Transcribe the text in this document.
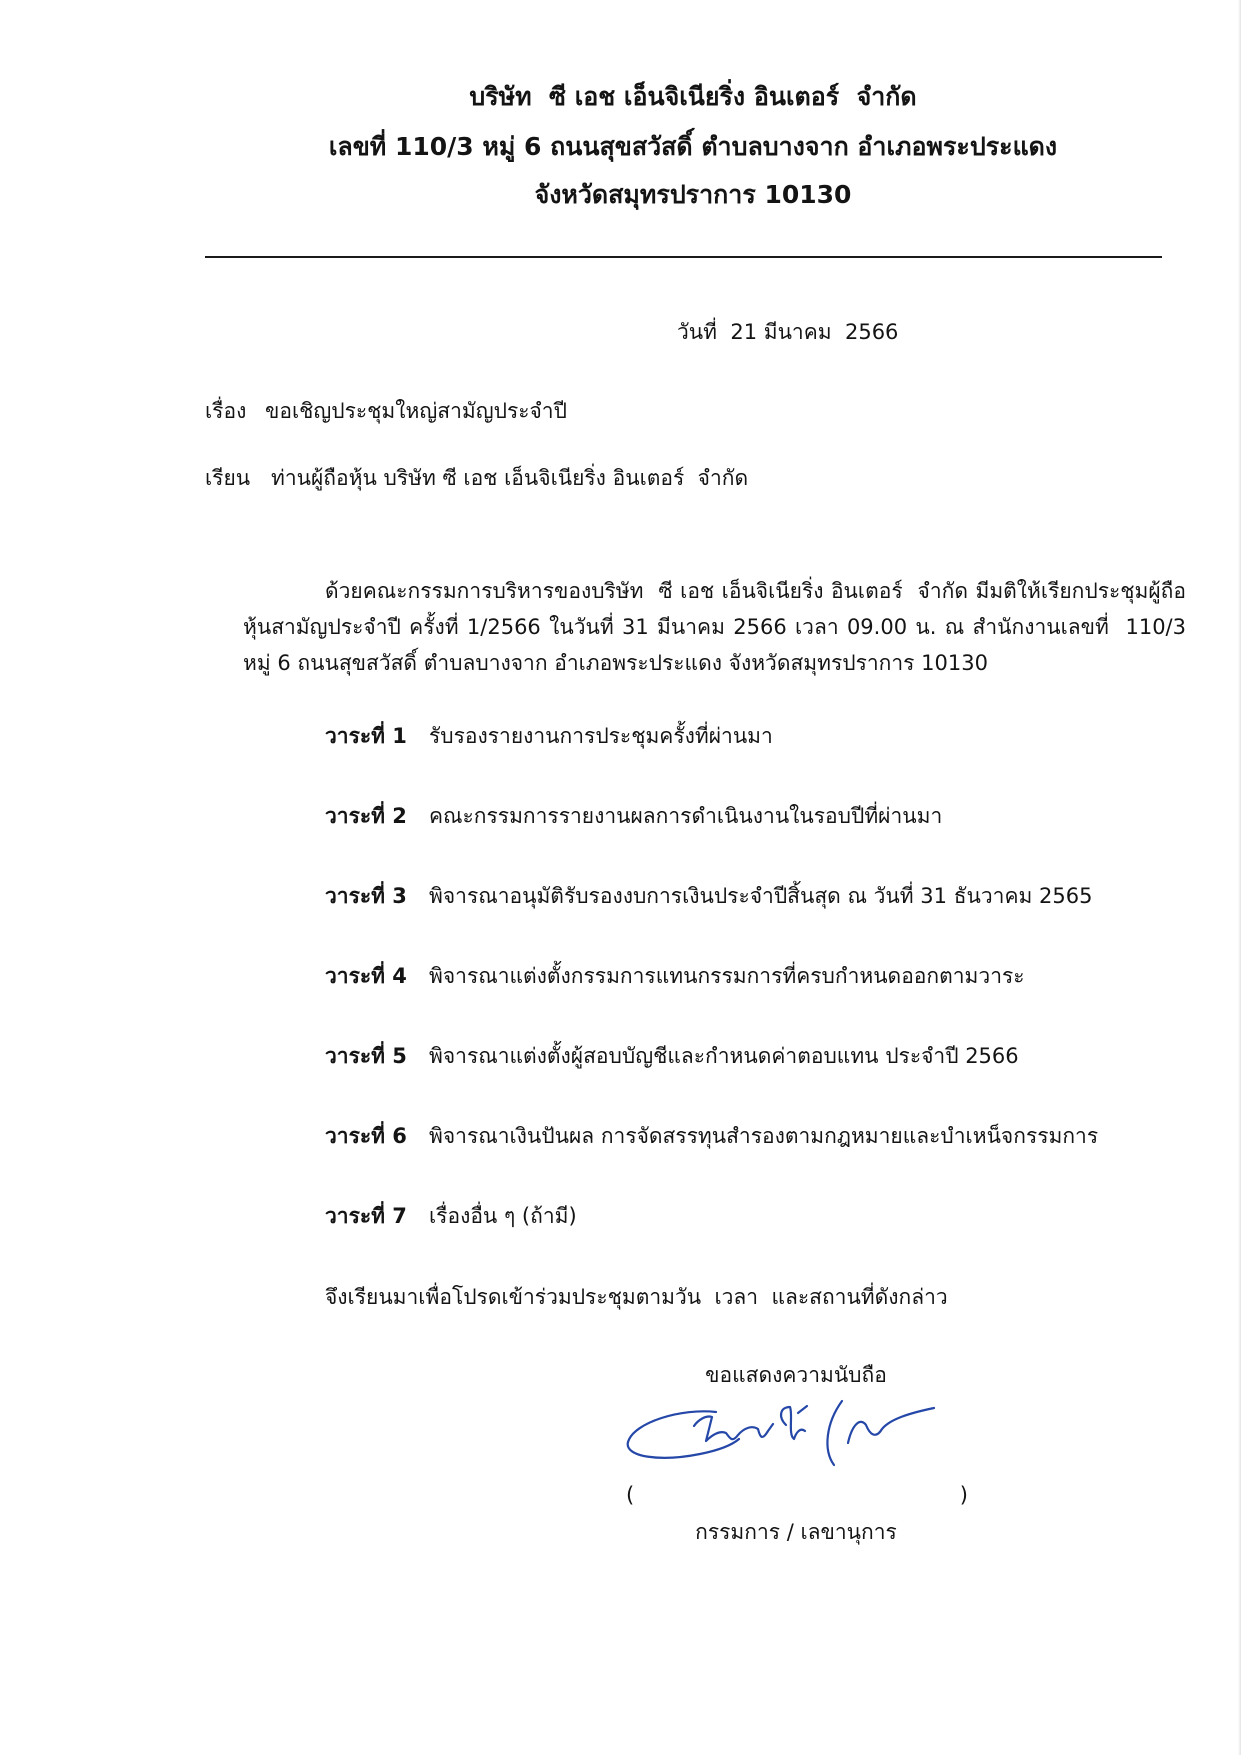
บริษัท  ซี เอช เอ็นจิเนียริ่ง อินเตอร์  จำกัด
เลขที่ 110/3 หมู่ 6 ถนนสุขสวัสดิ์ ตำบลบางจาก อำเภอพระประแดง
จังหวัดสมุทรปราการ 10130
วันที่  21 มีนาคม  2566
เรื่อง ขอเชิญประชุมใหญ่สามัญประจำปี
เรียน ท่านผู้ถือหุ้น บริษัท ซี เอช เอ็นจิเนียริ่ง อินเตอร์  จำกัด
ด้วยคณะกรรมการบริหารของบริษัท  ซี เอช เอ็นจิเนียริ่ง อินเตอร์  จำกัด มีมติให้เรียกประชุมผู้ถือหุ้นสามัญประจำปี ครั้งที่ 1/2566 ในวันที่ 31 มีนาคม 2566 เวลา 09.00 น. ณ สำนักงานเลขที่  110/3 หมู่ 6 ถนนสุขสวัสดิ์ ตำบลบางจาก อำเภอพระประแดง จังหวัดสมุทรปราการ 10130
วาระที่ 1 รับรองรายงานการประชุมครั้งที่ผ่านมา
วาระที่ 2 คณะกรรมการรายงานผลการดำเนินงานในรอบปีที่ผ่านมา
วาระที่ 3 พิจารณาอนุมัติรับรองงบการเงินประจำปีสิ้นสุด ณ วันที่ 31 ธันวาคม 2565
วาระที่ 4 พิจารณาแต่งตั้งกรรมการแทนกรรมการที่ครบกำหนดออกตามวาระ
วาระที่ 5 พิจารณาแต่งตั้งผู้สอบบัญชีและกำหนดค่าตอบแทน ประจำปี 2566
วาระที่ 6 พิจารณาเงินปันผล การจัดสรรทุนสำรองตามกฎหมายและบำเหน็จกรรมการ
วาระที่ 7 เรื่องอื่น ๆ (ถ้ามี)
จึงเรียนมาเพื่อโปรดเข้าร่วมประชุมตามวัน  เวลา  และสถานที่ดังกล่าว
ขอแสดงความนับถือ
(	)
กรรมการ / เลขานุการ
